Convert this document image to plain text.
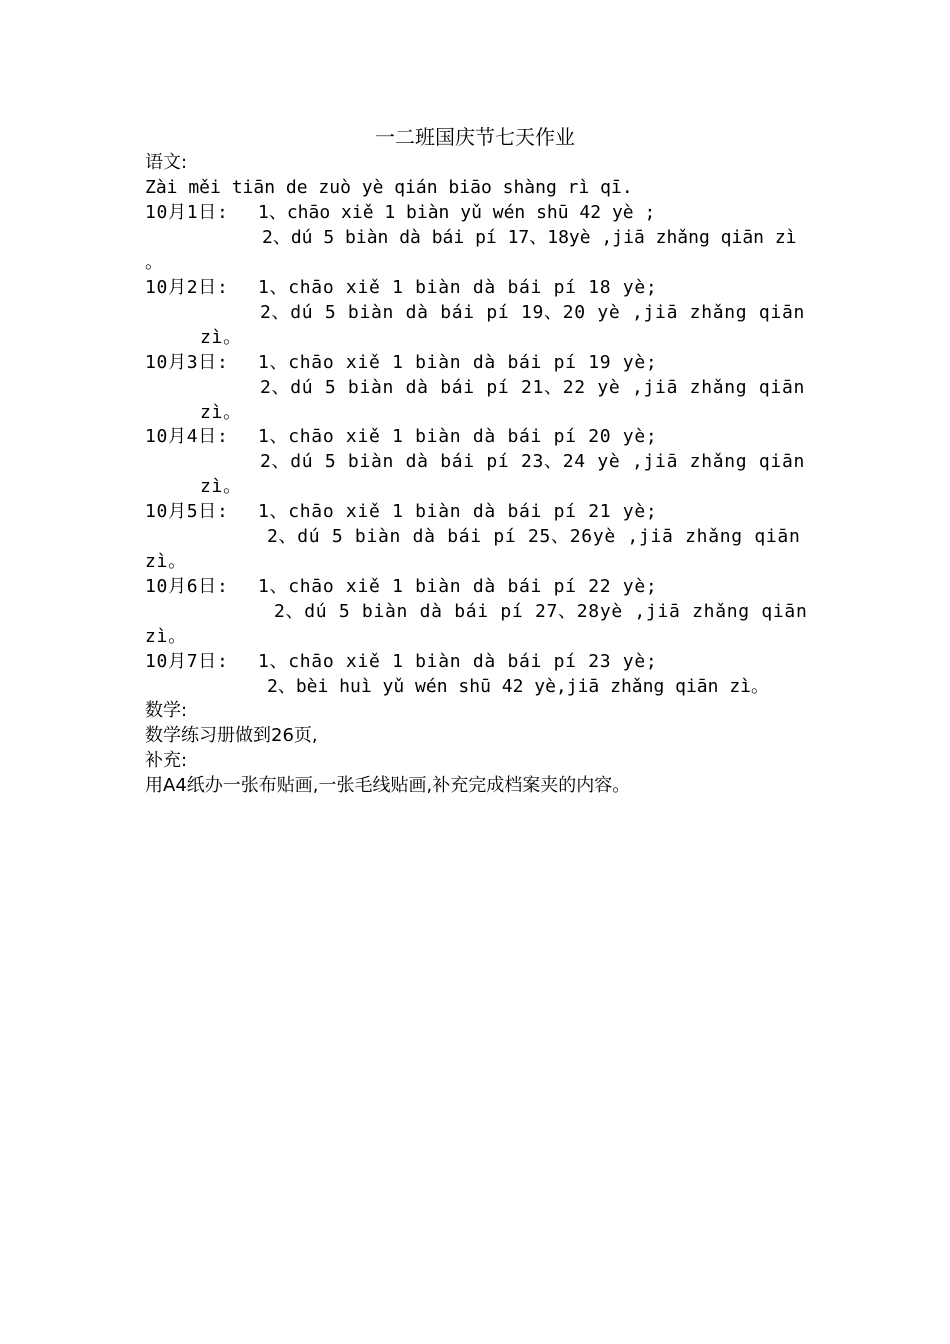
一二班国庆节七天作业
语文:
Zài měi tiān de zuò yè qián biāo shàng rì qī.
10月1日: 1、chāo xiě 1 biàn yǔ wén shū 42 yè ;
2、dú 5 biàn dà bái pí 17、18yè ,jiā zhǎng qiān zì
。
10月2日: 1、chāo xiě 1 biàn dà bái pí 18 yè;
2、dú 5 biàn dà bái pí 19、20 yè ,jiā zhǎng qiān
zì。
10月3日: 1、chāo xiě 1 biàn dà bái pí 19 yè;
2、dú 5 biàn dà bái pí 21、22 yè ,jiā zhǎng qiān
zì。
10月4日: 1、chāo xiě 1 biàn dà bái pí 20 yè;
2、dú 5 biàn dà bái pí 23、24 yè ,jiā zhǎng qiān
zì。
10月5日: 1、chāo xiě 1 biàn dà bái pí 21 yè;
2、dú 5 biàn dà bái pí 25、26yè ,jiā zhǎng qiān
zì。
10月6日: 1、chāo xiě 1 biàn dà bái pí 22 yè;
2、dú 5 biàn dà bái pí 27、28yè ,jiā zhǎng qiān
zì。
10月7日: 1、chāo xiě 1 biàn dà bái pí 23 yè;
2、bèi huì yǔ wén shū 42 yè,jiā zhǎng qiān zì。
数学:
数学练习册做到26页,
补充:
用A4纸办一张布贴画,一张毛线贴画,补充完成档案夹的内容。
